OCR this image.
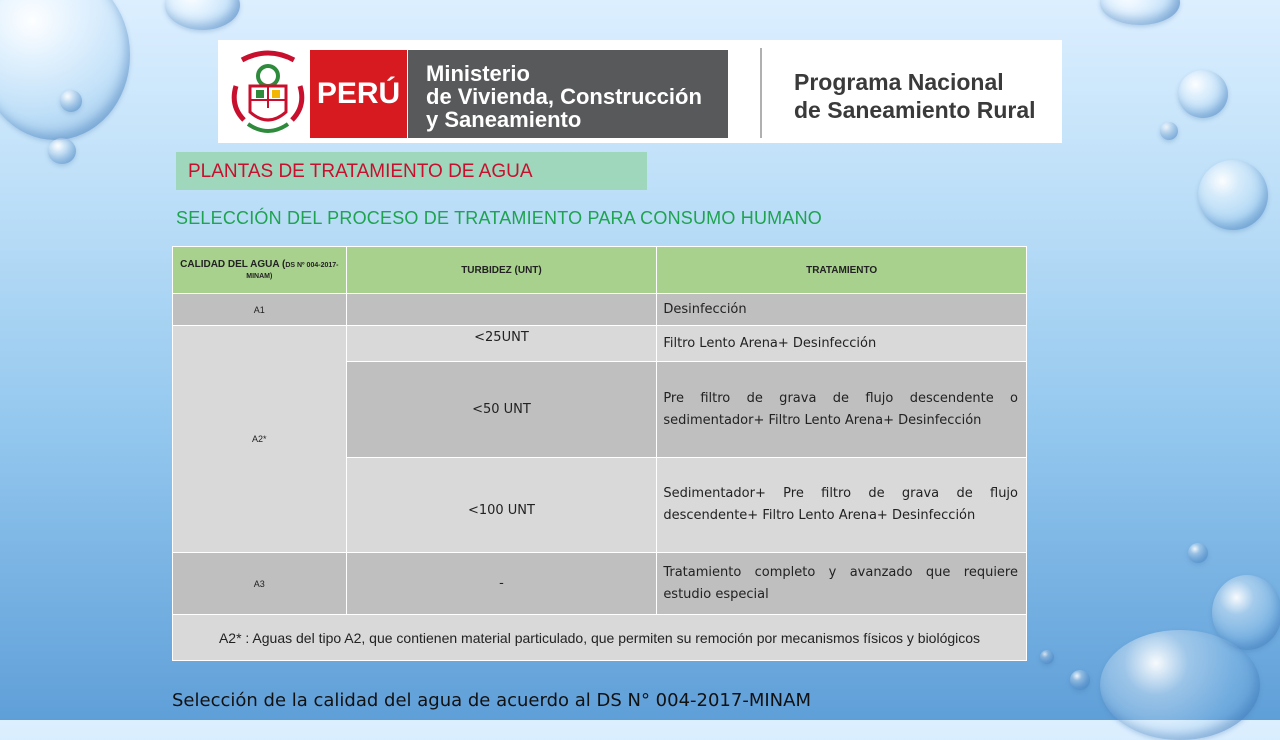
PERÚ
Ministerio
de Vivienda, Construcción
y Saneamiento
Programa Nacional
de Saneamiento Rural
PLANTAS DE TRATAMIENTO DE AGUA
SELECCIÓN DEL PROCESO DE TRATAMIENTO PARA CONSUMO HUMANO
CALIDAD DEL AGUA (DS Nº 004-2017-MINAM)	TURBIDEZ (UNT)	TRATAMIENTO
A1		Desinfección
A2*	<25UNT	Filtro Lento Arena+ Desinfección
	<50 UNT	Pre filtro de grava de flujo descendente o sedimentador+ Filtro Lento Arena+ Desinfección
	<100 UNT	Sedimentador+ Pre filtro de grava de flujo descendente+ Filtro Lento Arena+ Desinfección
A3	-	Tratamiento completo y avanzado que requiere estudio especial
A2* : Aguas del tipo A2, que contienen material particulado, que permiten su remoción por mecanismos físicos y biológicos		
Selección de la calidad del agua de acuerdo al DS N° 004-2017-MINAM
